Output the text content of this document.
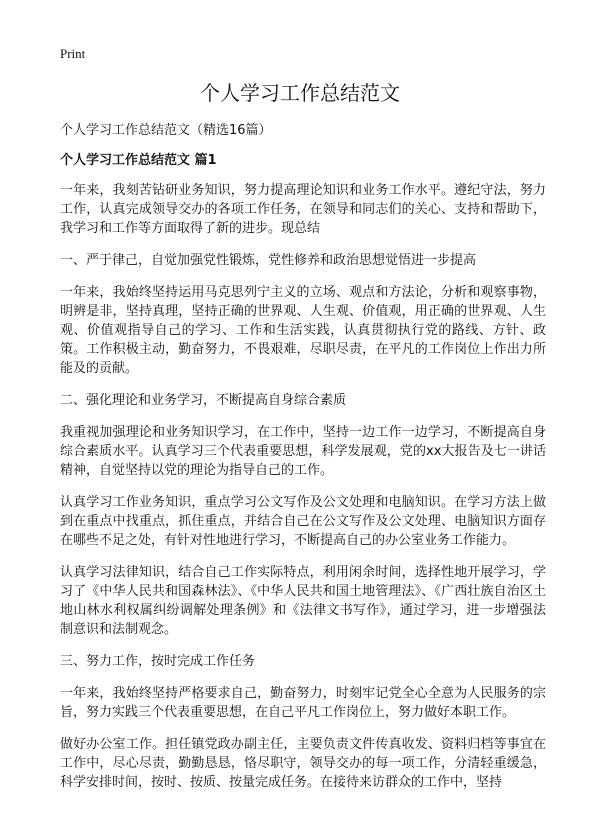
Print
个人学习工作总结范文
个人学习工作总结范文（精选16篇）
个人学习工作总结范文 篇1

一年来，我刻苦钻研业务知识，努力提高理论知识和业务工作水平。遵纪守法，努力工作，认真完成领导交办的各项工作任务，在领导和同志们的关心、支持和帮助下，我学习和工作等方面取得了新的进步。现总结

一、严于律己，自觉加强党性锻炼，党性修养和政治思想觉悟进一步提高

一年来，我始终坚持运用马克思列宁主义的立场、观点和方法论，分析和观察事物，明辨是非，坚持真理，坚持正确的世界观、人生观、价值观，用正确的世界观、人生观、价值观指导自己的学习、工作和生活实践，认真贯彻执行党的路线、方针、政策。工作积极主动，勤奋努力，不畏艰难，尽职尽责，在平凡的工作岗位上作出力所能及的贡献。

二、强化理论和业务学习，不断提高自身综合素质

我重视加强理论和业务知识学习，在工作中，坚持一边工作一边学习，不断提高自身综合素质水平。认真学习三个代表重要思想，科学发展观，党的xx大报告及七一讲话精神，自觉坚持以党的理论为指导自己的工作。

认真学习工作业务知识，重点学习公文写作及公文处理和电脑知识。在学习方法上做到在重点中找重点，抓住重点，并结合自己在公文写作及公文处理、电脑知识方面存在哪些不足之处，有针对性地进行学习，不断提高自己的办公室业务工作能力。

认真学习法律知识，结合自己工作实际特点，利用闲余时间，选择性地开展学习，学习了《中华人民共和国森林法》、《中华人民共和国土地管理法》、《广西壮族自治区土地山林水利权属纠纷调解处理条例》和《法律文书写作》，通过学习，进一步增强法制意识和法制观念。

三、努力工作，按时完成工作任务

一年来，我始终坚持严格要求自己，勤奋努力，时刻牢记党全心全意为人民服务的宗旨，努力实践三个代表重要思想，在自己平凡工作岗位上，努力做好本职工作。

做好办公室工作。担任镇党政办副主任，主要负责文件传真收发、资料归档等事宜在工作中，尽心尽责，勤勤恳恳，恪尽职守，领导交办的每一项工作，分清轻重缓急，科学安排时间，按时、按质、按量完成任务。在接待来访群众的工作中，坚持
